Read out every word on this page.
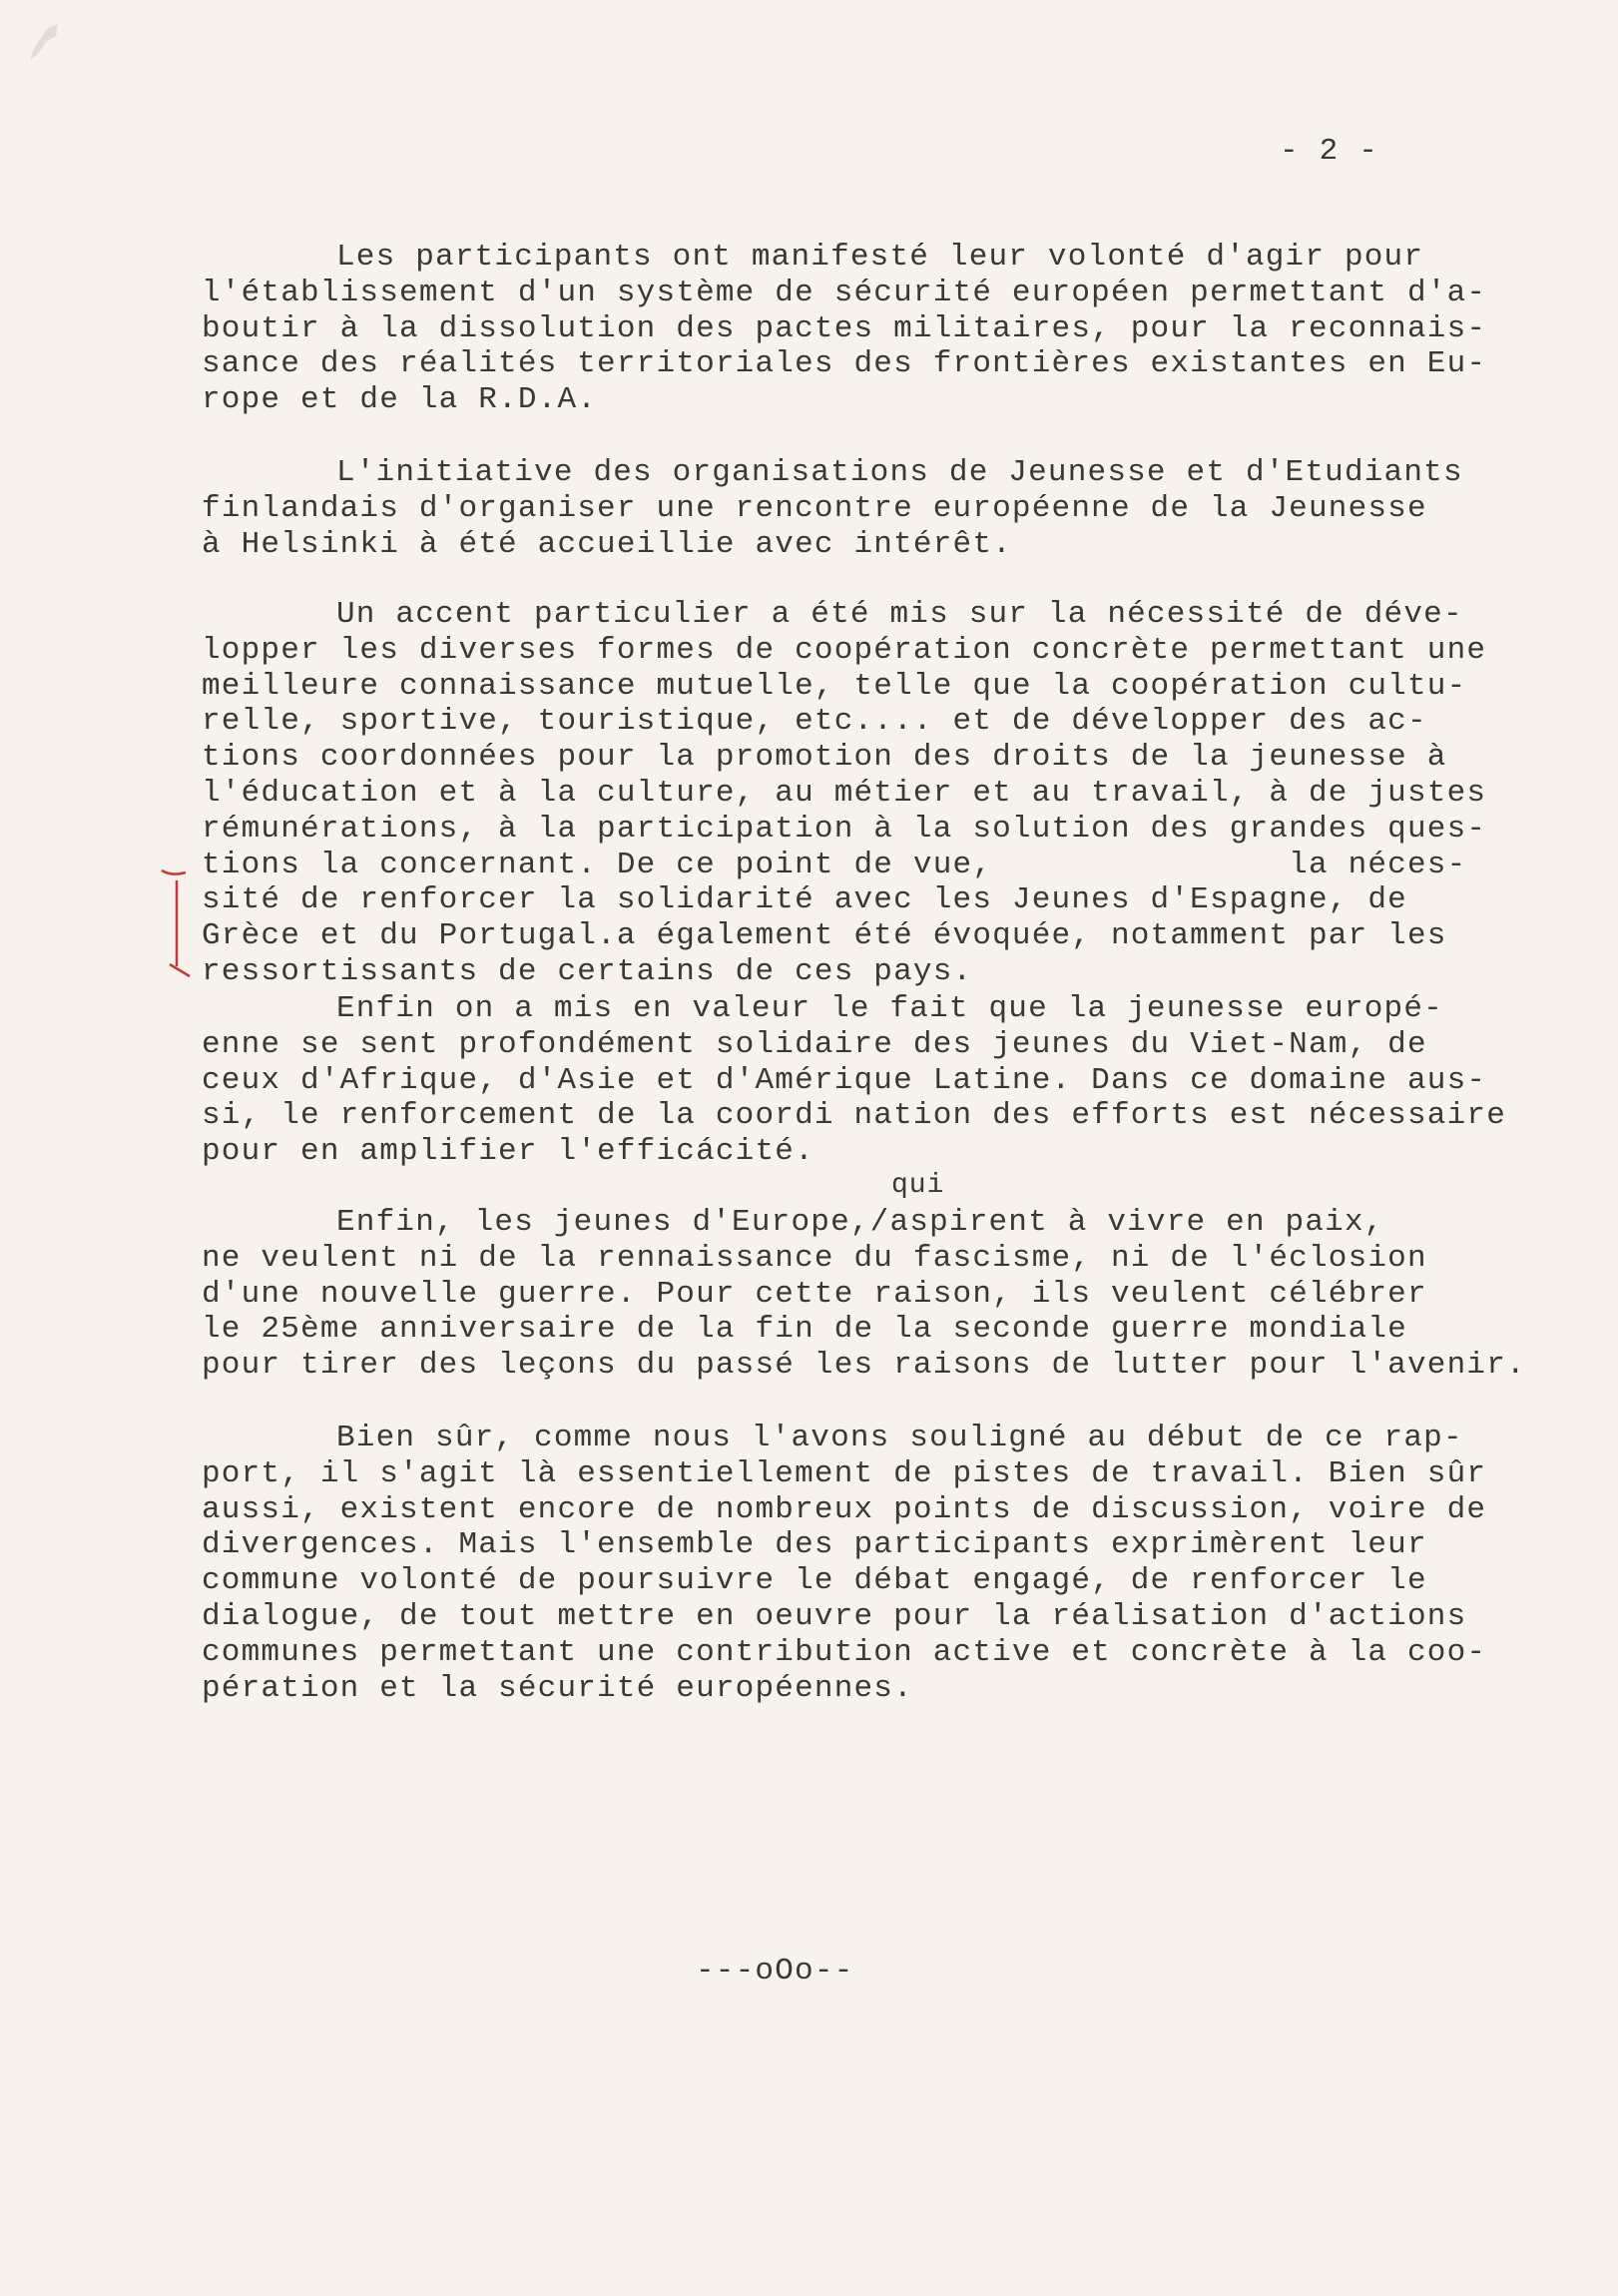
- 2 -
Les participants ont manifesté leur volonté d'agir pour
l'établissement d'un système de sécurité européen permettant d'a-
boutir à la dissolution des pactes militaires, pour la reconnais-
sance des réalités territoriales des frontières existantes en Eu-
rope et de la R.D.A.
L'initiative des organisations de Jeunesse et d'Etudiants
finlandais d'organiser une rencontre européenne de la Jeunesse
à Helsinki à été accueillie avec intérêt.
Un accent particulier a été mis sur la nécessité de déve-
lopper les diverses formes de coopération concrète permettant une
meilleure connaissance mutuelle, telle que la coopération cultu-
relle, sportive, touristique, etc.... et de développer des ac-
tions coordonnées pour la promotion des droits de la jeunesse à
l'éducation et à la culture, au métier et au travail, à de justes
rémunérations, à la participation à la solution des grandes ques-
tions la concernant. De ce point de vue,               la néces-
sité de renforcer la solidarité avec les Jeunes d'Espagne, de
Grèce et du Portugal.a également été évoquée, notamment par les
ressortissants de certains de ces pays.
Enfin on a mis en valeur le fait que la jeunesse europé-
enne se sent profondément solidaire des jeunes du Viet-Nam, de
ceux d'Afrique, d'Asie et d'Amérique Latine. Dans ce domaine aus-
si, le renforcement de la coordi nation des efforts est nécessaire
pour en amplifier l'efficácité.
Enfin, les jeunes d'Europe,/aspirent à vivre en paix,
ne veulent ni de la rennaissance du fascisme, ni de l'éclosion
d'une nouvelle guerre. Pour cette raison, ils veulent célébrer
le 25ème anniversaire de la fin de la seconde guerre mondiale
pour tirer des leçons du passé les raisons de lutter pour l'avenir.
Bien sûr, comme nous l'avons souligné au début de ce rap-
port, il s'agit là essentiellement de pistes de travail. Bien sûr
aussi, existent encore de nombreux points de discussion, voire de
divergences. Mais l'ensemble des participants exprimèrent leur
commune volonté de poursuivre le débat engagé, de renforcer le
dialogue, de tout mettre en oeuvre pour la réalisation d'actions
communes permettant une contribution active et concrète à la coo-
pération et la sécurité européennes.
qui
---oOo--
